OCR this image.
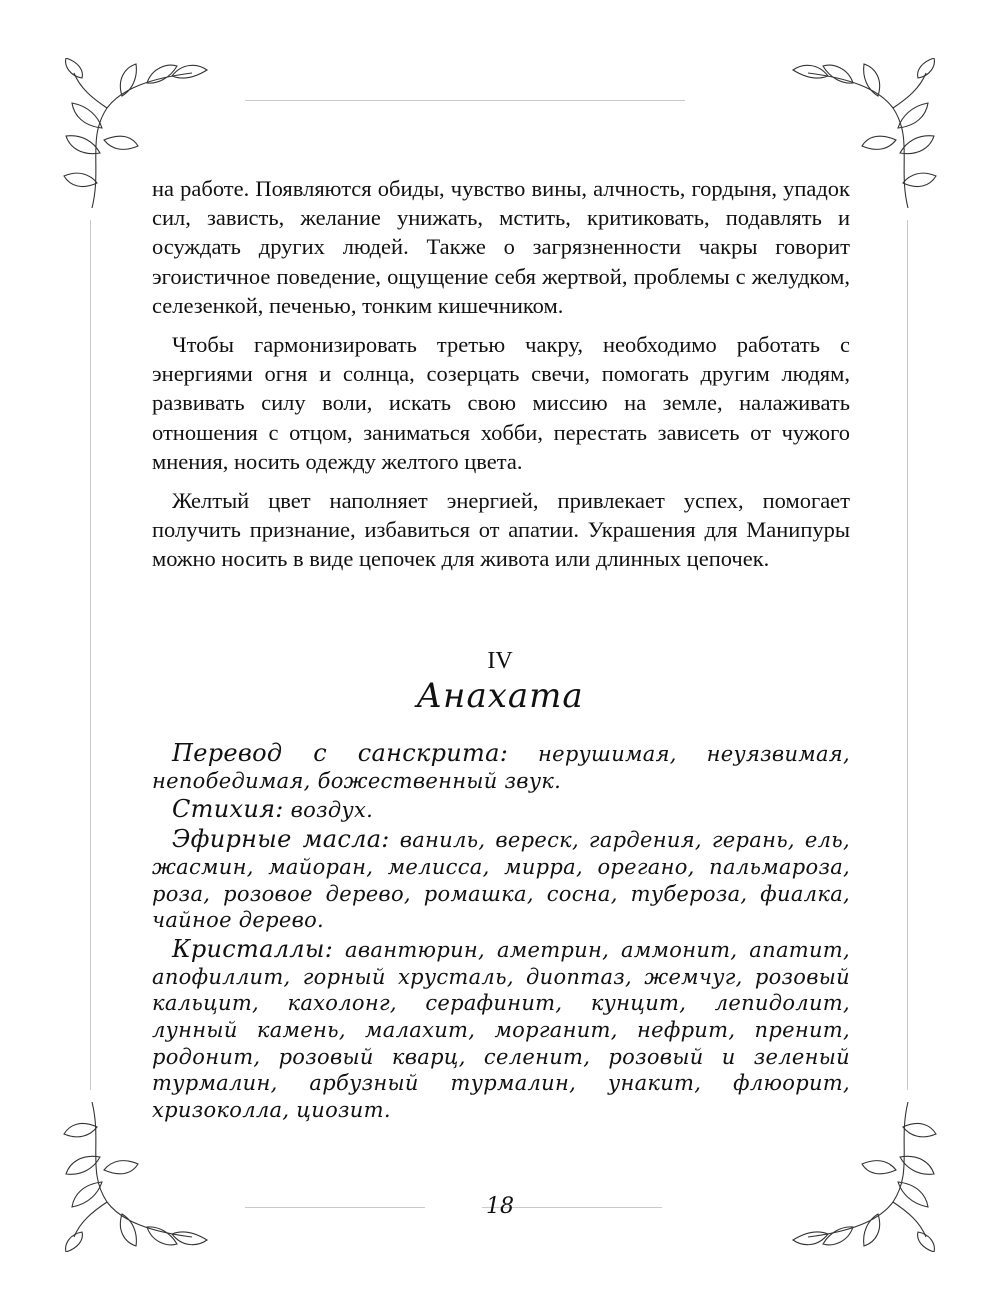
на работе. Появляются обиды, чувство вины, алчность, гордыня, упадок сил, зависть, желание унижать, мстить, критиковать, подавлять и осуждать других людей. Также о загрязненности чакры говорит эгоистичное поведение, ощущение себя жертвой, проблемы с желудком, селезенкой, печенью, тонким кишечником.

Чтобы гармонизировать третью чакру, необходимо работать с энергиями огня и солнца, созерцать свечи, помогать другим людям, развивать силу воли, искать свою миссию на земле, налаживать отношения с отцом, заниматься хобби, перестать зависеть от чужого мнения, носить одежду желтого цвета.

Желтый цвет наполняет энергией, привлекает успех, помогает получить признание, избавиться от апатии. Украшения для Манипуры можно носить в виде цепочек для живота или длинных цепочек.

IV
Анахата

Перевод с санскрита: нерушимая, неуязвимая, непобедимая, божественный звук.

Стихия: воздух.

Эфирные масла: ваниль, вереск, гардения, герань, ель, жасмин, майоран, мелисса, мирра, орегано, пальмароза, роза, розовое дерево, ромашка, сосна, тубероза, фиалка, чайное дерево.

Кристаллы: авантюрин, аметрин, аммонит, апатит, апофиллит, горный хрусталь, диоптаз, жемчуг, розовый кальцит, кахолонг, серафинит, кунцит, лепидолит, лунный камень, малахит, морганит, нефрит, пренит, родонит, розовый кварц, селенит, розовый и зеленый турмалин, арбузный турмалин, унакит, флюорит, хризоколла, циозит.

18
